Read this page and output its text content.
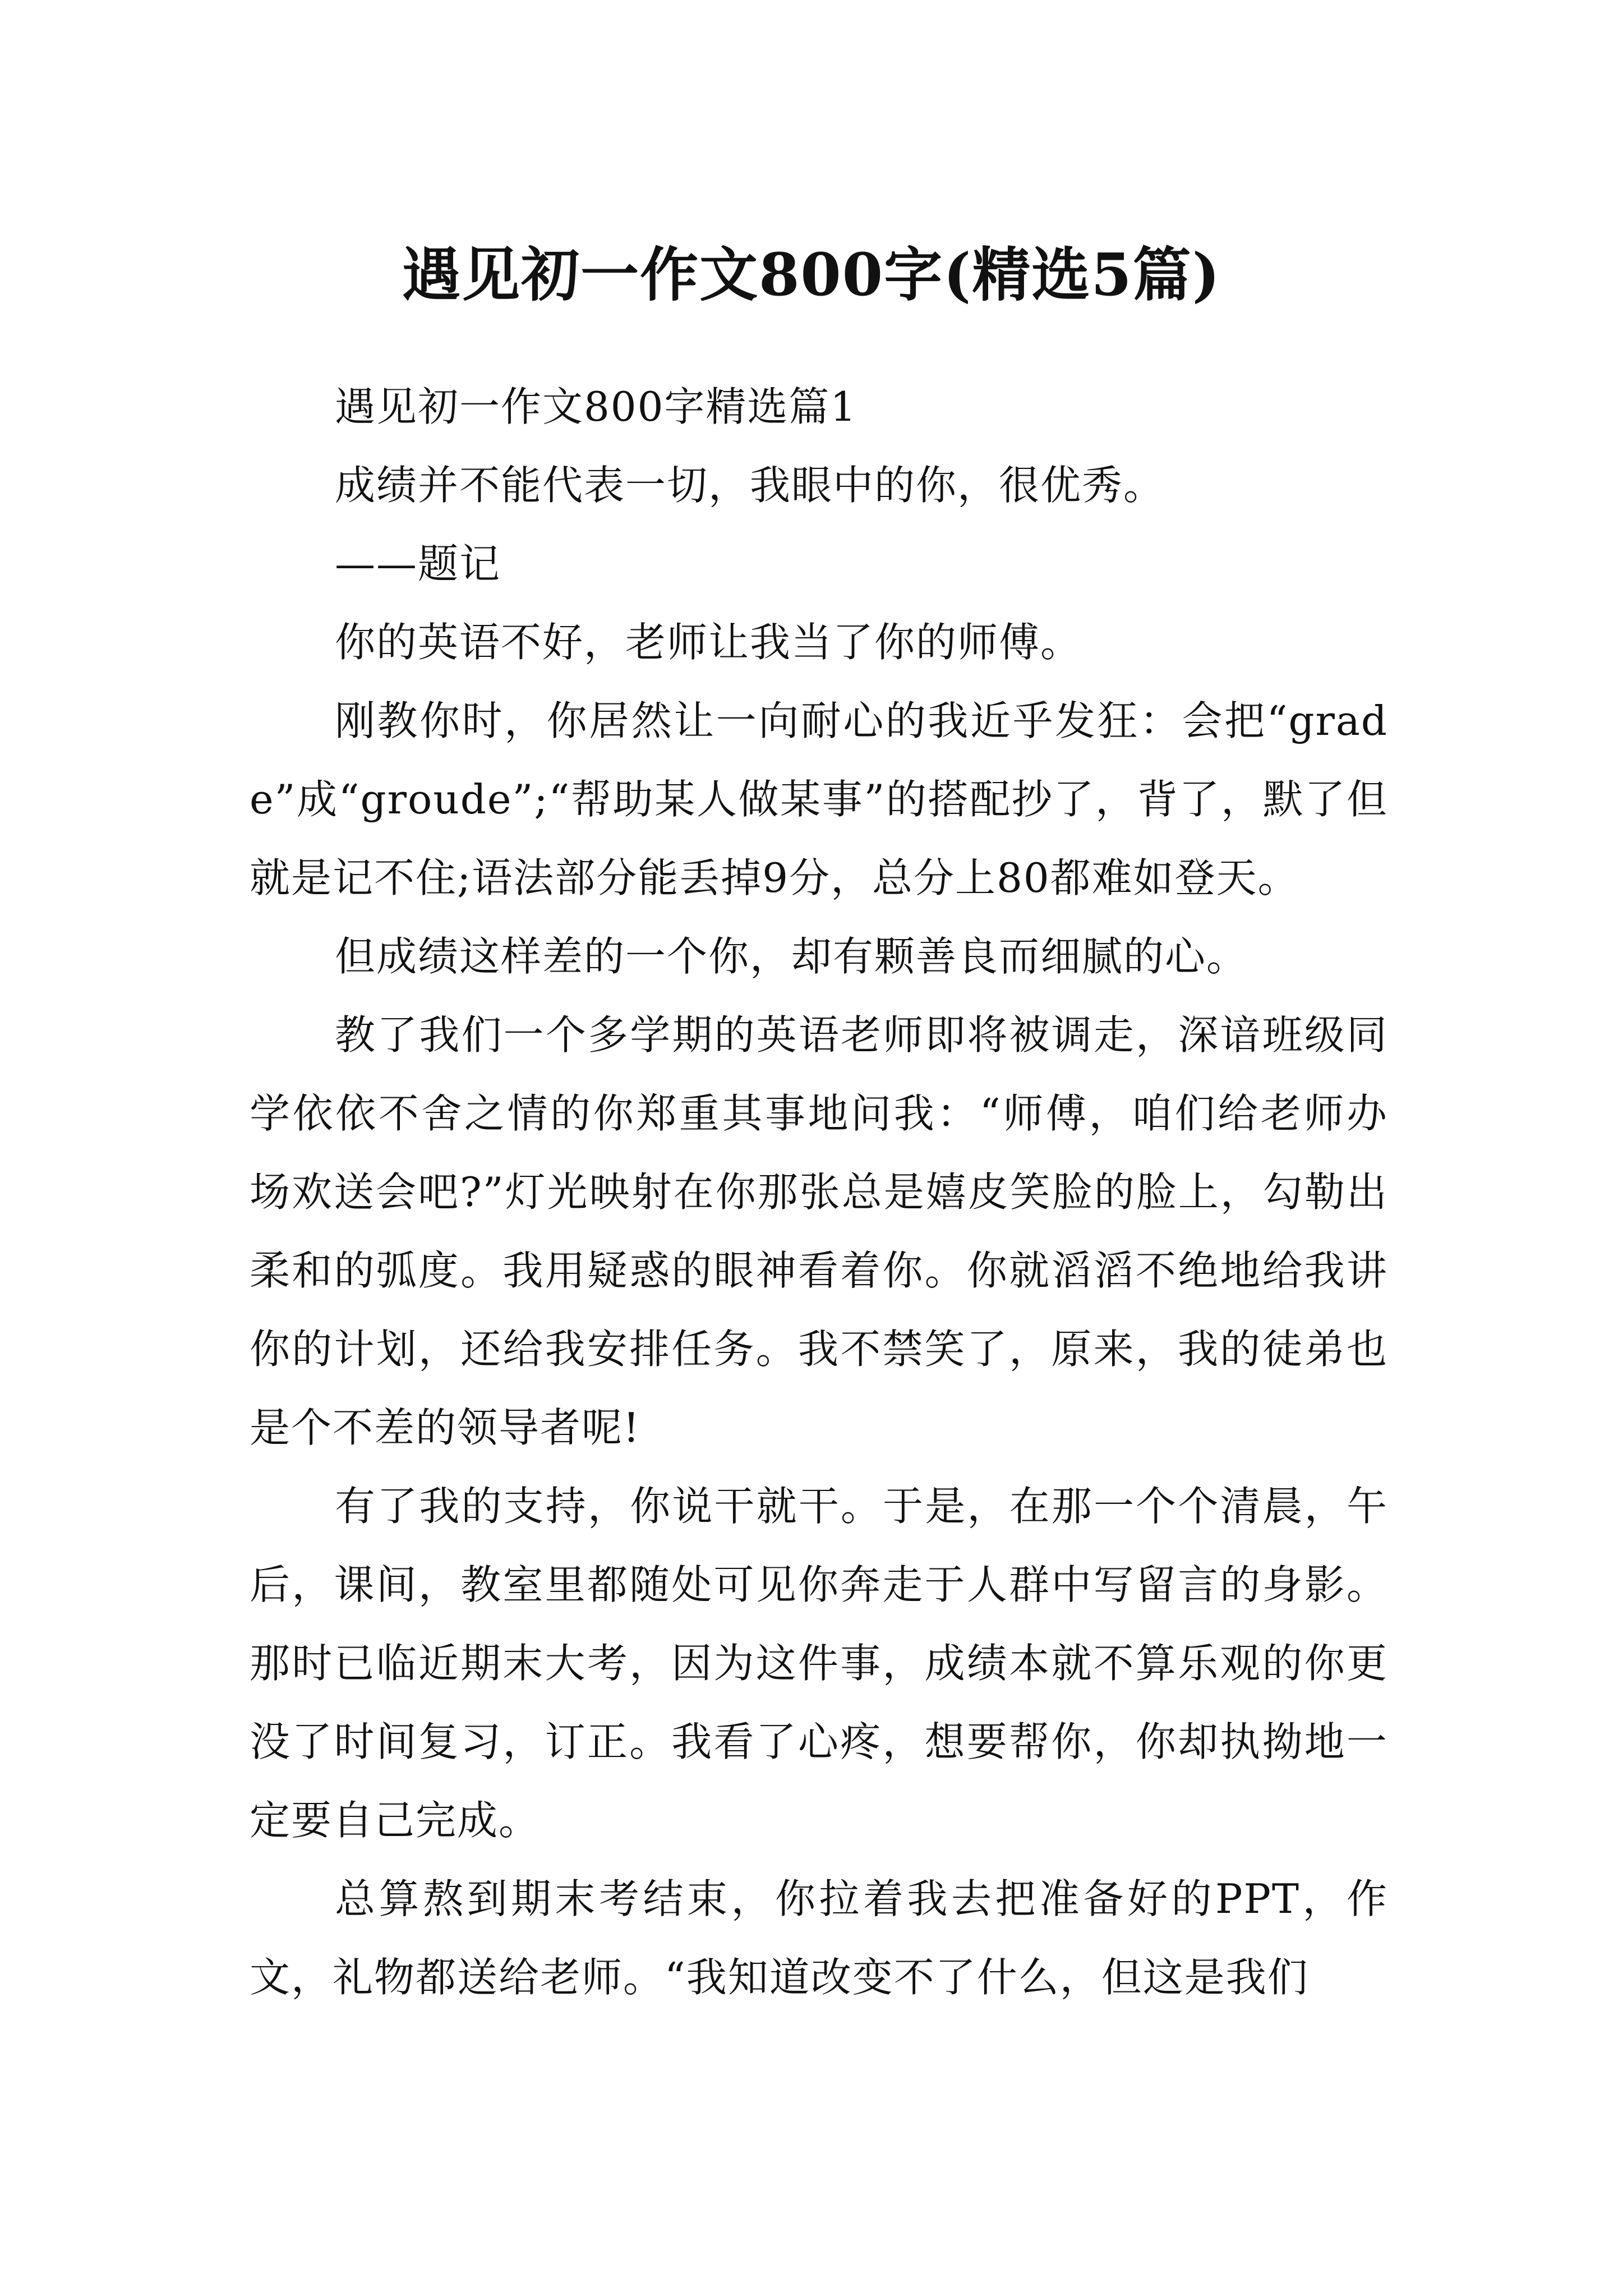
遇见初一作文800字(精选5篇)

遇见初一作文800字精选篇1

成绩并不能代表一切，我眼中的你，很优秀。

——题记

你的英语不好，老师让我当了你的师傅。

刚教你时，你居然让一向耐心的我近乎发狂：会把“grade”成“groude”;“帮助某人做某事”的搭配抄了，背了，默了但就是记不住;语法部分能丢掉9分，总分上80都难如登天。

但成绩这样差的一个你，却有颗善良而细腻的心。

教了我们一个多学期的英语老师即将被调走，深谙班级同学依依不舍之情的你郑重其事地问我：“师傅，咱们给老师办场欢送会吧?”灯光映射在你那张总是嬉皮笑脸的脸上，勾勒出柔和的弧度。我用疑惑的眼神看着你。你就滔滔不绝地给我讲你的计划，还给我安排任务。我不禁笑了，原来，我的徒弟也是个不差的领导者呢!

有了我的支持，你说干就干。于是，在那一个个清晨，午后，课间，教室里都随处可见你奔走于人群中写留言的身影。那时已临近期末大考，因为这件事，成绩本就不算乐观的你更没了时间复习，订正。我看了心疼，想要帮你，你却执拗地一定要自己完成。

总算熬到期末考结束，你拉着我去把准备好的PPT，作文，礼物都送给老师。“我知道改变不了什么，但这是我们
